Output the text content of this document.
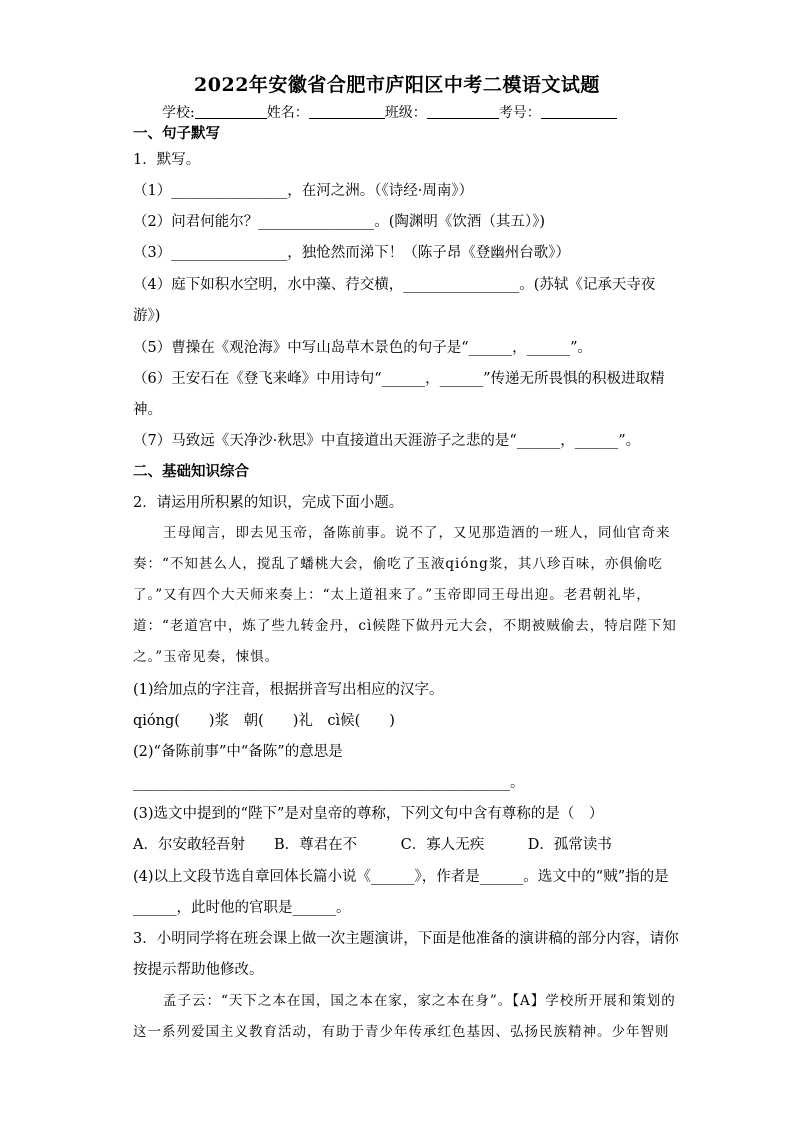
2022年安徽省合肥市庐阳区中考二模语文试题
学校:	姓名：	班级：	考号：
一、句子默写
1．默写。
（1）________________，在河之洲。（《诗经·周南》）
（2）问君何能尔？________________。(陶渊明《饮酒（其五）》)
（3）________________，独怆然而涕下！（陈子昂《登幽州台歌》）
（4）庭下如积水空明，水中藻、荇交横，________________。(苏轼《记承天寺夜
游》)
（5）曹操在《观沧海》中写山岛草木景色的句子是“______，______”。
（6）王安石在《登飞来峰》中用诗句“______，______”传递无所畏惧的积极进取精
神。
（7）马致远《天净沙·秋思》中直接道出天涯游子之悲的是“______，______”。
二、基础知识综合
2．请运用所积累的知识，完成下面小题。
王母闻言，即去见玉帝，备陈前事。说不了，又见那造酒的一班人，同仙官奇来
奏：“不知甚么人，搅乱了蟠桃大会，偷吃了玉液qióng浆，其八珍百味，亦俱偷吃
了。”又有四个大天师来奏上：“太上道祖来了。”玉帝即同王母出迎。老君朝礼毕，
道：“老道宫中，炼了些九转金丹，cì候陛下做丹元大会，不期被贼偷去，特启陛下知
之。”玉帝见奏，悚惧。
(1)给加点的字注音，根据拼音写出相应的汉字。
qióng(　　)浆　朝(　　)礼　cì候(　　)
(2)“备陈前事”中“备陈”的意思是
____________________________________________________。
(3)选文中提到的“陛下”是对皇帝的尊称，下列文句中含有尊称的是（　）
A．尔安敢轻吾射　　B．尊君在不　　　C．寡人无疾　　　D．孤常读书
(4)以上文段节选自章回体长篇小说《______》，作者是______。选文中的“贼”指的是
______，此时他的官职是______。
3．小明同学将在班会课上做一次主题演讲，下面是他准备的演讲稿的部分内容，请你
按提示帮助他修改。
孟子云：“天下之本在国，国之本在家，家之本在身”。【A】学校所开展和策划的
这一系列爱国主义教育活动，有助于青少年传承红色基因、弘扬民族精神。少年智则
